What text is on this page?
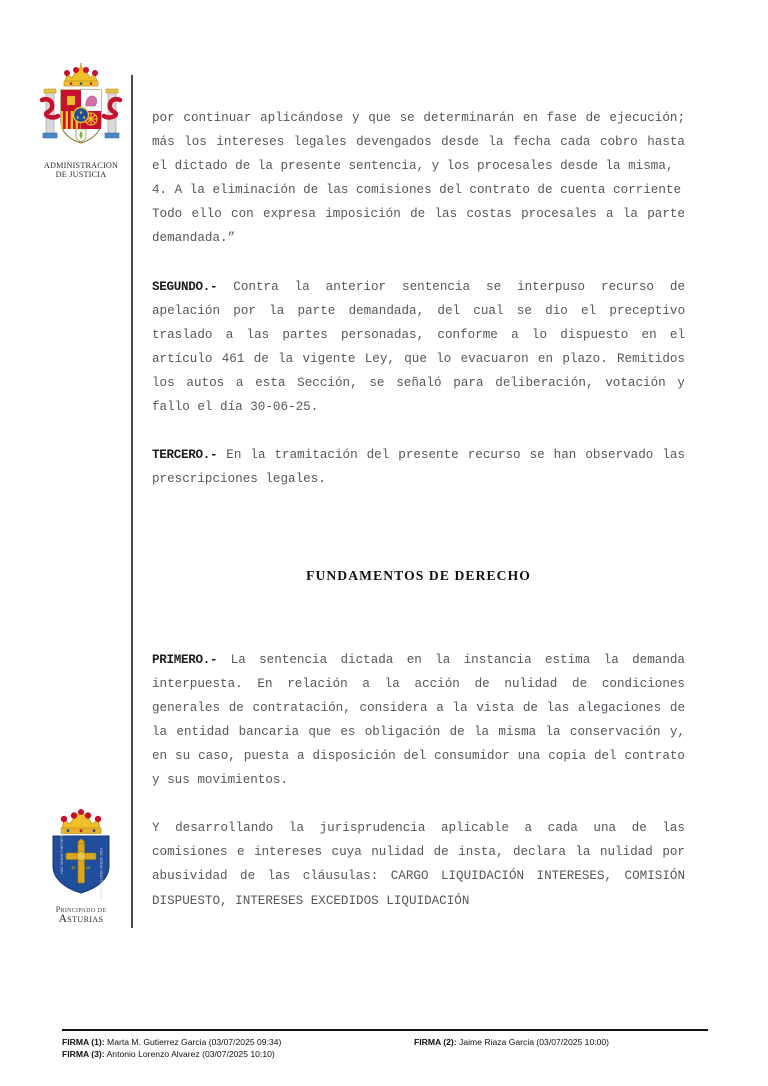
ADMINISTRACION
DE JUSTICIA
α ω
HOC SIGNO TVETVR PIVS	HOC SIGNO VINCITVR INIMICVS
Principado de
Asturias

por continuar aplicándose y que se determinarán en fase de ejecución; más los intereses legales devengados desde la fecha cada cobro hasta el dictado de la presente sentencia, y los procesales desde la misma,

4. A la eliminación de las comisiones del contrato de cuenta corriente

Todo ello con expresa imposición de las costas procesales a la parte demandada.”

SEGUNDO.- Contra la anterior sentencia se interpuso recurso de apelación por la parte demandada, del cual se dio el preceptivo traslado a las partes personadas, conforme a lo dispuesto en el artículo 461 de la vigente Ley, que lo evacuaron en plazo. Remitidos los autos a esta Sección, se señaló para deliberación, votación y fallo el día 30-06-25.

TERCERO.- En la tramitación del presente recurso se han observado las prescripciones legales.

FUNDAMENTOS DE DERECHO

PRIMERO.- La sentencia dictada en la instancia estima la demanda interpuesta. En relación a la acción de nulidad de condiciones generales de contratación, considera a la vista de las alegaciones de la entidad bancaria que es obligación de la misma la conservación y, en su caso, puesta a disposición del consumidor una copia del contrato y sus movimientos.

Y desarrollando la jurisprudencia aplicable a cada una de las comisiones e intereses cuya nulidad de insta, declara la nulidad por abusividad de las cláusulas: CARGO LIQUIDACIÓN INTERESES, COMISIÓN DISPUESTO, INTERESES EXCEDIDOS LIQUIDACIÓN

FIRMA (1): Marta M. Gutierrez Garcia (03/07/2025 09:34)	FIRMA (2): Jaime Riaza Garcia (03/07/2025 10:00)
FIRMA (3): Antonio Lorenzo Alvarez (03/07/2025 10:10)
